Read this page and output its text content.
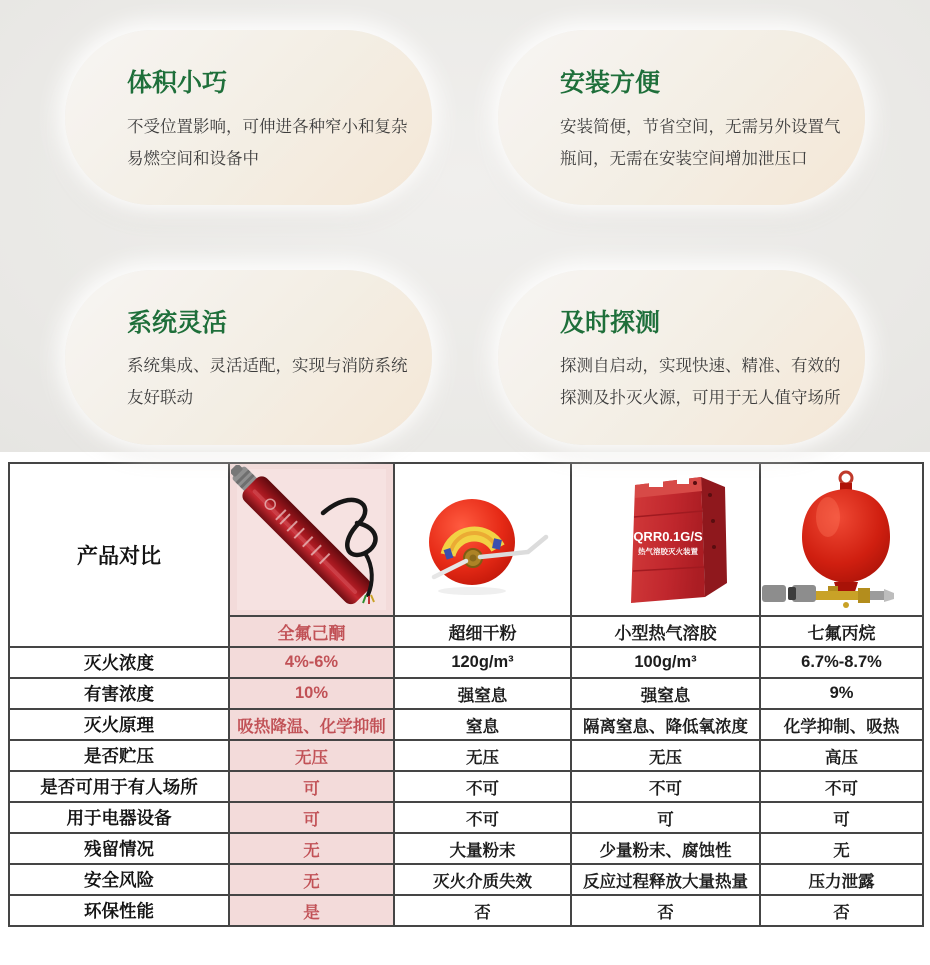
体积小巧

不受位置影响，可伸进各种窄小和复杂易燃空间和设备中

安装方便

安装简便，节省空间，无需另外设置气瓶间，无需在安装空间增加泄压口

系统灵活

系统集成、灵活适配，实现与消防系统友好联动

及时探测

探测自启动，实现快速、精准、有效的探测及扑灭火源，可用于无人值守场所

产品对比			QRR0.1G/S
热气溶胶灭火装置

	全氟己酮	超细干粉	小型热气溶胶	七氟丙烷
灭火浓度	4%-6%	120g/m³	100g/m³	6.7%-8.7%
有害浓度	10%	强窒息	强窒息	9%
灭火原理	吸热降温、化学抑制	窒息	隔离窒息、降低氧浓度	化学抑制、吸热
是否贮压	无压	无压	无压	高压
是否可用于有人场所	可	不可	不可	不可
用于电器设备	可	不可	可	可
残留情况	无	大量粉末	少量粉末、腐蚀性	无
安全风险	无	灭火介质失效	反应过程释放大量热量	压力泄露
环保性能	是	否	否	否
